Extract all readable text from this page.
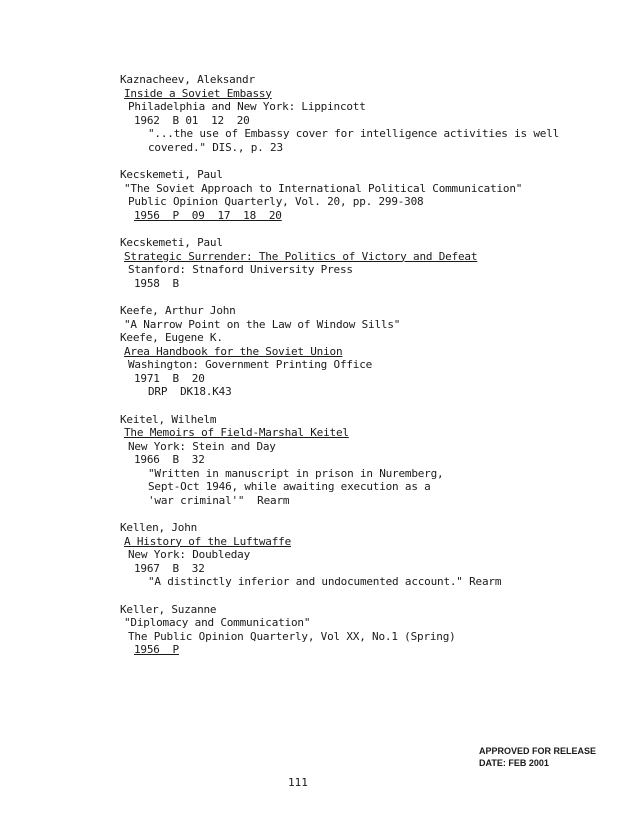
Kaznacheev, Aleksandr
Inside a Soviet Embassy
Philadelphia and New York: Lippincott
1962  B 01  12  20
"...the use of Embassy cover for intelligence activities is well
covered." DIS., p. 23
Kecskemeti, Paul
"The Soviet Approach to International Political Communication"
Public Opinion Quarterly, Vol. 20, pp. 299-308
1956  P  09  17  18  20
Kecskemeti, Paul
Strategic Surrender: The Politics of Victory and Defeat
Stanford: Stnaford University Press
1958  B
Keefe, Arthur John
"A Narrow Point on the Law of Window Sills"
Keefe, Eugene K.
Area Handbook for the Soviet Union
Washington: Government Printing Office
1971  B  20
DRP  DK18.K43
Keitel, Wilhelm
The Memoirs of Field-Marshal Keitel
New York: Stein and Day
1966  B  32
"Written in manuscript in prison in Nuremberg,
Sept-Oct 1946, while awaiting execution as a
'war criminal'"  Rearm
Kellen, John
A History of the Luftwaffe
New York: Doubleday
1967  B  32
"A distinctly inferior and undocumented account." Rearm
Keller, Suzanne
"Diplomacy and Communication"
The Public Opinion Quarterly, Vol XX, No.1 (Spring)
1956  P
APPROVED FOR RELEASE
DATE: FEB 2001
111
